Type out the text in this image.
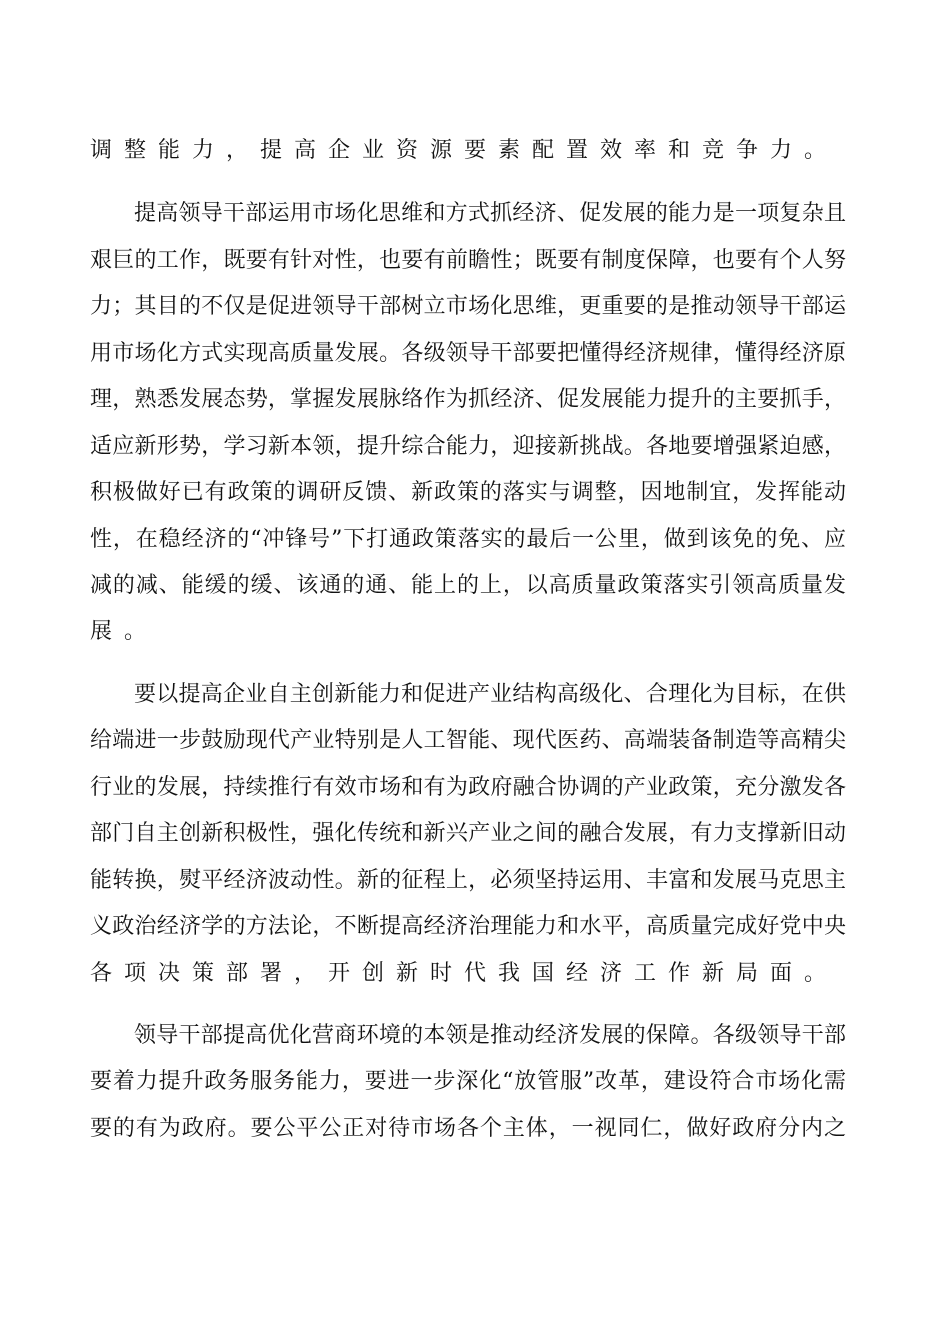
调整能力，提高企业资源要素配置效率和竞争力。
提高领导干部运用市场化思维和方式抓经济、促发展的能力是一项复杂且
艰巨的工作，既要有针对性，也要有前瞻性；既要有制度保障，也要有个人努
力；其目的不仅是促进领导干部树立市场化思维，更重要的是推动领导干部运
用市场化方式实现高质量发展。各级领导干部要把懂得经济规律，懂得经济原
理，熟悉发展态势，掌握发展脉络作为抓经济、促发展能力提升的主要抓手，
适应新形势，学习新本领，提升综合能力，迎接新挑战。各地要增强紧迫感，
积极做好已有政策的调研反馈、新政策的落实与调整，因地制宜，发挥能动
性，在稳经济的“冲锋号”下打通政策落实的最后一公里，做到该免的免、应
减的减、能缓的缓、该通的通、能上的上，以高质量政策落实引领高质量发
展。
要以提高企业自主创新能力和促进产业结构高级化、合理化为目标，在供
给端进一步鼓励现代产业特别是人工智能、现代医药、高端装备制造等高精尖
行业的发展，持续推行有效市场和有为政府融合协调的产业政策，充分激发各
部门自主创新积极性，强化传统和新兴产业之间的融合发展，有力支撑新旧动
能转换，熨平经济波动性。新的征程上，必须坚持运用、丰富和发展马克思主
义政治经济学的方法论，不断提高经济治理能力和水平，高质量完成好党中央
各项决策部署，开创新时代我国经济工作新局面。
领导干部提高优化营商环境的本领是推动经济发展的保障。各级领导干部
要着力提升政务服务能力，要进一步深化“放管服”改革，建设符合市场化需
要的有为政府。要公平公正对待市场各个主体，一视同仁，做好政府分内之
